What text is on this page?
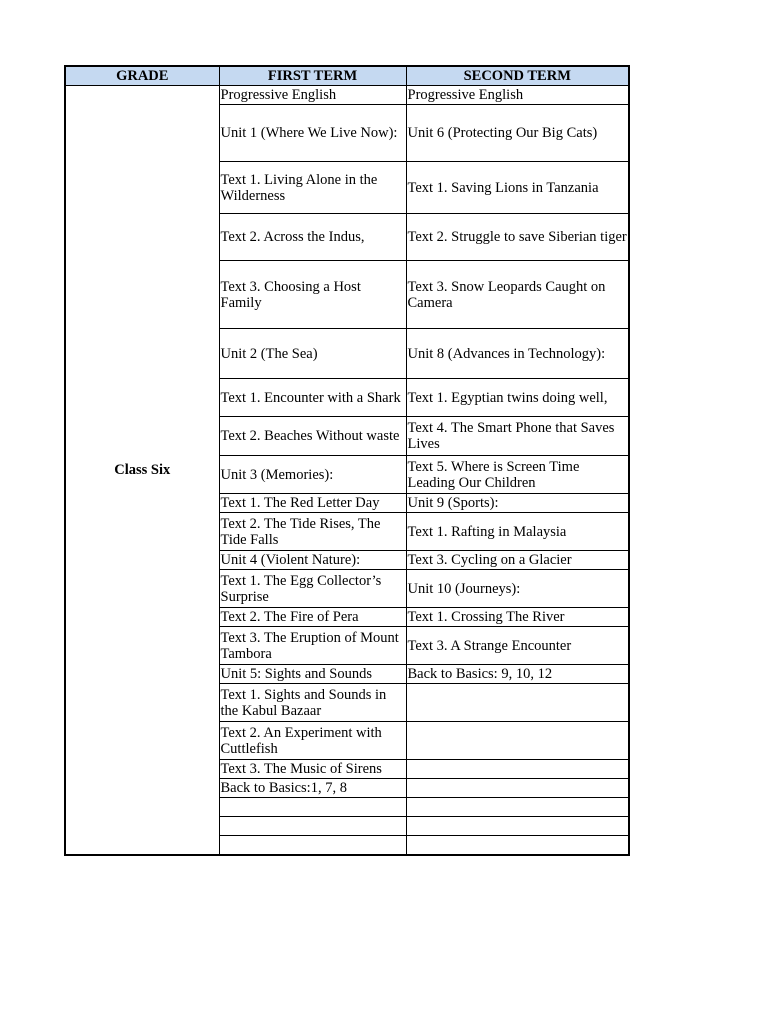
GRADE	FIRST TERM	SECOND TERM
Class Six	Progressive English	Progressive English
	Unit 1 (Where We Live Now):	Unit 6 (Protecting Our Big Cats)
	Text 1. Living Alone in the Wilderness	Text 1. Saving Lions in Tanzania
	Text 2. Across the Indus,	Text 2. Struggle to save Siberian tiger
	Text 3. Choosing a Host Family	Text 3. Snow Leopards Caught on Camera
	Unit 2 (The Sea)	Unit 8 (Advances in Technology):
	Text 1. Encounter with a Shark	Text 1. Egyptian twins doing well,
	Text 2. Beaches Without waste	Text 4. The Smart Phone that Saves Lives
	Unit 3 (Memories):	Text 5. Where is Screen Time Leading Our Children
	Text 1. The Red Letter Day	Unit 9 (Sports):
	Text 2. The Tide Rises, The Tide Falls	Text 1. Rafting in Malaysia
	Unit 4 (Violent Nature):	Text 3. Cycling on a Glacier
	Text 1. The Egg Collector’s Surprise	Unit 10 (Journeys):
	Text 2. The Fire of Pera	Text 1. Crossing The River
	Text 3. The Eruption of Mount Tambora	Text 3. A Strange Encounter
	Unit 5: Sights and Sounds	Back to Basics: 9, 10, 12
	Text 1. Sights and Sounds in the Kabul Bazaar	
	Text 2. An Experiment with Cuttlefish	
	Text 3. The Music of Sirens	
	Back to Basics:1, 7, 8	
